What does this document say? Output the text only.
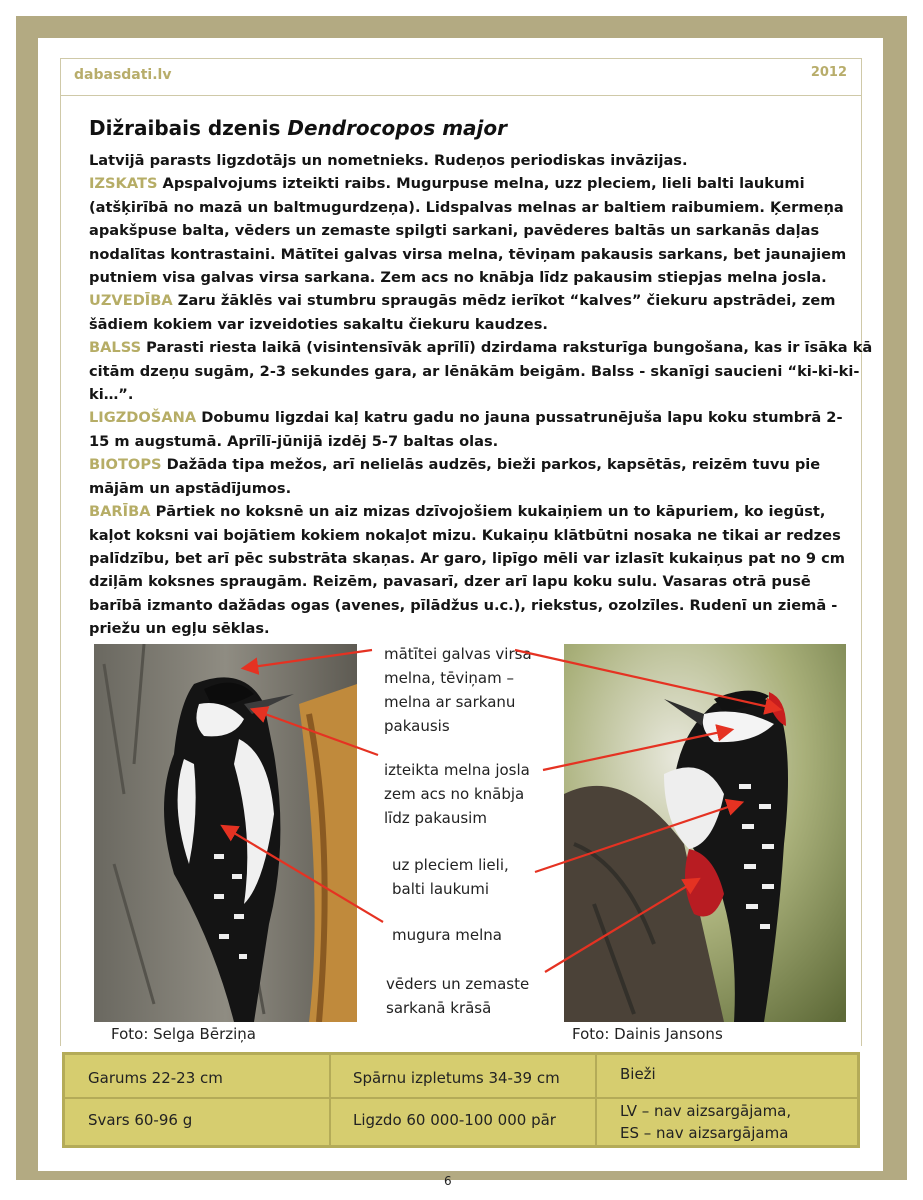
dabasdati.lv	2012
Dižraibais dzenis Dendrocopos major
Latvijā parasts ligzdotājs un nometnieks. Rudeņos periodiskas invāzijas.
IZSKATS Apspalvojums izteikti raibs. Mugurpuse melna, uzz pleciem, lieli balti laukumi
(atšķirībā no mazā un baltmugurdzeņa). Lidspalvas melnas ar baltiem raibumiem. Ķermeņa
apakšpuse balta, vēders un zemaste spilgti sarkani, pavēderes baltās un sarkanās daļas
nodalītas kontrastaini. Mātītei galvas virsa melna, tēviņam pakausis sarkans, bet jaunajiem
putniem visa galvas virsa sarkana. Zem acs no knābja līdz pakausim stiepjas melna josla.
UZVEDĪBA Zaru žāklēs vai stumbru spraugās mēdz ierīkot “kalves” čiekuru apstrādei, zem
šādiem kokiem var izveidoties sakaltu čiekuru kaudzes.
BALSS Parasti riesta laikā (visintensīvāk aprīlī) dzirdama raksturīga bungošana, kas ir īsāka kā
citām dzeņu sugām, 2-3 sekundes gara, ar lēnākām beigām. Balss - skanīgi saucieni “ki-ki-ki-
ki…”.
LIGZDOŠANA Dobumu ligzdai kaļ katru gadu no jauna pussatrunējuša lapu koku stumbrā 2-
15 m augstumā. Aprīlī-jūnijā izdēj 5-7 baltas olas.
BIOTOPS Dažāda tipa mežos, arī nelielās audzēs, bieži parkos, kapsētās, reizēm tuvu pie
mājām un apstādījumos.
BARĪBA Pārtiek no koksnē un aiz mizas dzīvojošiem kukaiņiem un to kāpuriem, ko iegūst,
kaļot koksni vai bojātiem kokiem nokaļot mizu. Kukaiņu klātbūtni nosaka ne tikai ar redzes
palīdzību, bet arī pēc substrāta skaņas. Ar garo, lipīgo mēli var izlasīt kukaiņus pat no 9 cm
dziļām koksnes spraugām. Reizēm, pavasarī, dzer arī lapu koku sulu. Vasaras otrā pusē
barībā izmanto dažādas ogas (avenes, pīlādžus u.c.), riekstus, ozolzīles. Rudenī un ziemā -
priežu un egļu sēklas.
mātītei galvas virsa
melna, tēviņam –
melna ar sarkanu
pakausis
izteikta melna josla
zem acs no knābja
līdz pakausim
uz pleciem lieli,
balti laukumi
mugura melna
vēders un zemaste
sarkanā krāsā
Foto: Selga Bērziņa	Foto: Dainis Jansons
Garums 22-23 cm	Spārnu izpletums 34-39 cm	Bieži
Svars 60-96 g	Ligzdo 60 000-100 000 pār	LV – nav aizsargājama,
ES – nav aizsargājama
6
